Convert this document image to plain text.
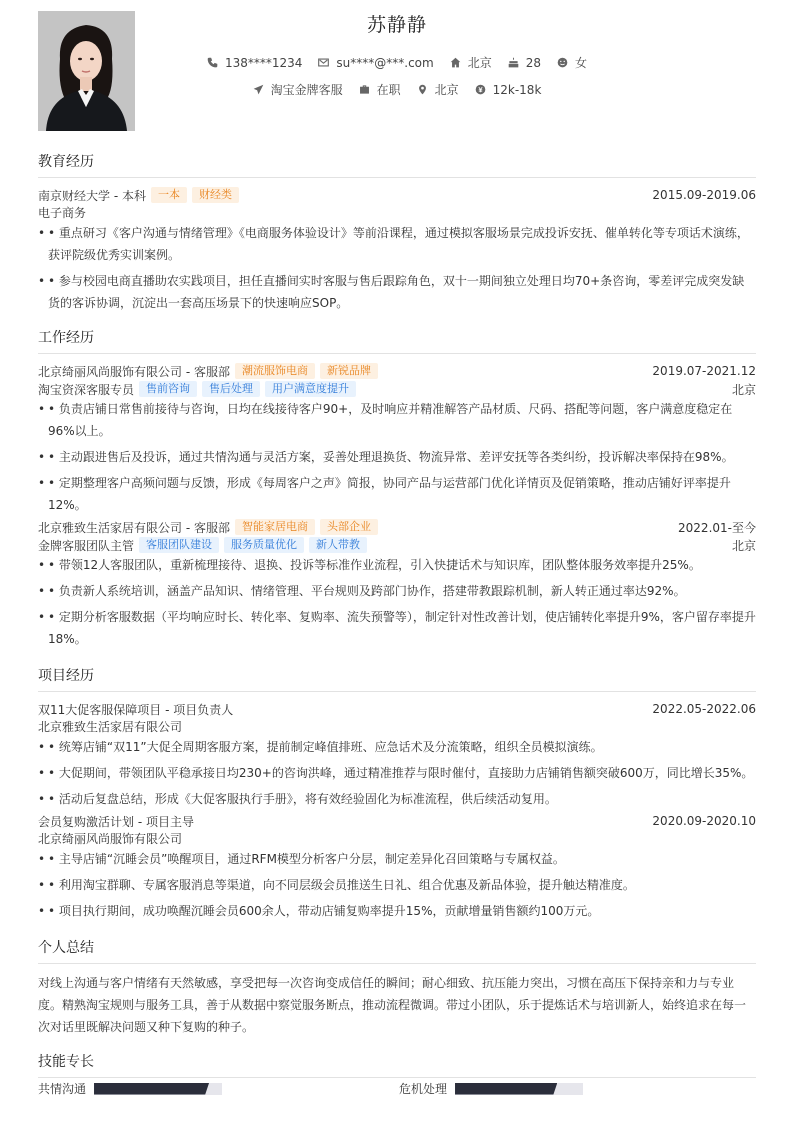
苏静静
138****1234	su****@***.com	北京	28	女
淘宝金牌客服	在职	北京	12k-18k
教育经历
南京财经大学 - 本科	一本	财经类	2015.09-2019.06
电子商务
• • 重点研习《客户沟通与情绪管理》《电商服务体验设计》等前沿课程，通过模拟客服场景完成投诉安抚、催单转化等专项话术演练，获评院级优秀实训案例。
• • 参与校园电商直播助农实践项目，担任直播间实时客服与售后跟踪角色，双十一期间独立处理日均70+条咨询，零差评完成突发缺货的客诉协调，沉淀出一套高压场景下的快速响应SOP。
工作经历
北京绮丽风尚服饰有限公司 - 客服部	潮流服饰电商	新锐品牌	2019.07-2021.12
淘宝资深客服专员	售前咨询	售后处理	用户满意度提升	北京
• • 负责店铺日常售前接待与咨询，日均在线接待客户90+，及时响应并精准解答产品材质、尺码、搭配等问题，客户满意度稳定在96%以上。
• • 主动跟进售后及投诉，通过共情沟通与灵活方案，妥善处理退换货、物流异常、差评安抚等各类纠纷，投诉解决率保持在98%。
• • 定期整理客户高频问题与反馈，形成《每周客户之声》简报，协同产品与运营部门优化详情页及促销策略，推动店铺好评率提升12%。
北京雅致生活家居有限公司 - 客服部	智能家居电商	头部企业	2022.01-至今
金牌客服团队主管	客服团队建设	服务质量优化	新人带教	北京
• • 带领12人客服团队，重新梳理接待、退换、投诉等标准作业流程，引入快捷话术与知识库，团队整体服务效率提升25%。
• • 负责新人系统培训，涵盖产品知识、情绪管理、平台规则及跨部门协作，搭建带教跟踪机制，新人转正通过率达92%。
• • 定期分析客服数据（平均响应时长、转化率、复购率、流失预警等），制定针对性改善计划，使店铺转化率提升9%，客户留存率提升18%。
项目经历
双11大促客服保障项目 - 项目负责人	2022.05-2022.06
北京雅致生活家居有限公司
• • 统筹店铺“双11”大促全周期客服方案，提前制定峰值排班、应急话术及分流策略，组织全员模拟演练。
• • 大促期间，带领团队平稳承接日均230+的咨询洪峰，通过精准推荐与限时催付，直接助力店铺销售额突破600万，同比增长35%。
• • 活动后复盘总结，形成《大促客服执行手册》，将有效经验固化为标准流程，供后续活动复用。
会员复购激活计划 - 项目主导	2020.09-2020.10
北京绮丽风尚服饰有限公司
• • 主导店铺“沉睡会员”唤醒项目，通过RFM模型分析客户分层，制定差异化召回策略与专属权益。
• • 利用淘宝群聊、专属客服消息等渠道，向不同层级会员推送生日礼、组合优惠及新品体验，提升触达精准度。
• • 项目执行期间，成功唤醒沉睡会员600余人，带动店铺复购率提升15%，贡献增量销售额约100万元。
个人总结
对线上沟通与客户情绪有天然敏感，享受把每一次咨询变成信任的瞬间；耐心细致、抗压能力突出，习惯在高压下保持亲和力与专业度。精熟淘宝规则与服务工具，善于从数据中察觉服务断点，推动流程微调。带过小团队，乐于提炼话术与培训新人，始终追求在每一次对话里既解决问题又种下复购的种子。
技能专长
共情沟通	危机处理
